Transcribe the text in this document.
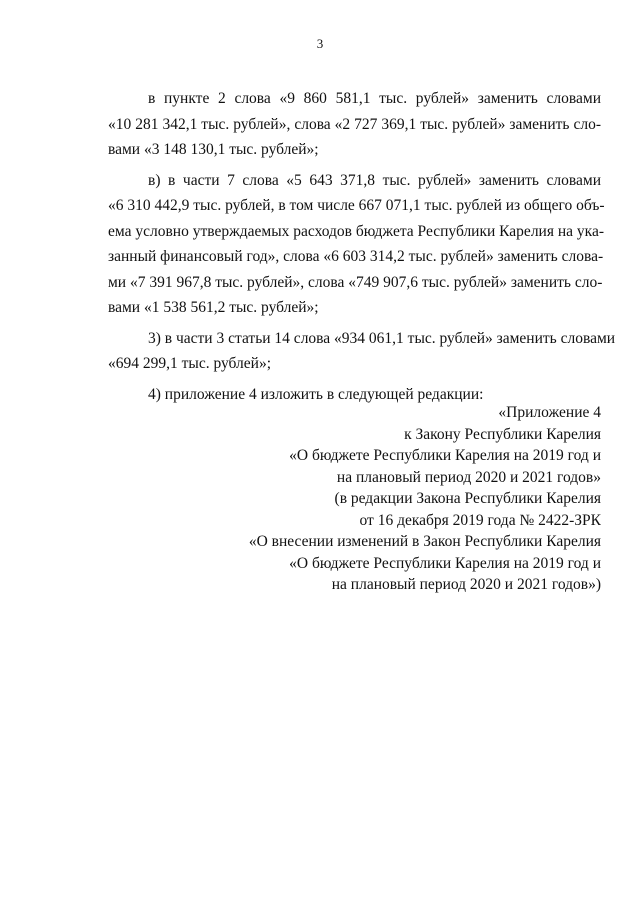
3

в пункте 2 слова «9 860 581,1 тыс. рублей» заменить словами
«10 281 342,1 тыс. рублей», слова «2 727 369,1 тыс. рублей» заменить сло-
вами «3 148 130,1 тыс. рублей»;

в) в части 7 слова «5 643 371,8 тыс. рублей» заменить словами
«6 310 442,9 тыс. рублей, в том числе 667 071,1 тыс. рублей из общего объ-
ема условно утверждаемых расходов бюджета Республики Карелия на ука-
занный финансовый год», слова «6 603 314,2 тыс. рублей» заменить слова-
ми «7 391 967,8 тыс. рублей», слова «749 907,6 тыс. рублей» заменить сло-
вами «1 538 561,2 тыс. рублей»;

3) в части 3 статьи 14 слова «934 061,1 тыс. рублей» заменить словами
«694 299,1 тыс. рублей»;

4) приложение 4 изложить в следующей редакции:

«Приложение 4
к Закону Республики Карелия
«О бюджете Республики Карелия на 2019 год и
на плановый период 2020 и 2021 годов»
(в редакции Закона Республики Карелия
от 16 декабря 2019 года № 2422-ЗРК
«О внесении изменений в Закон Республики Карелия
«О бюджете Республики Карелия на 2019 год и
на плановый период 2020 и 2021 годов»)
